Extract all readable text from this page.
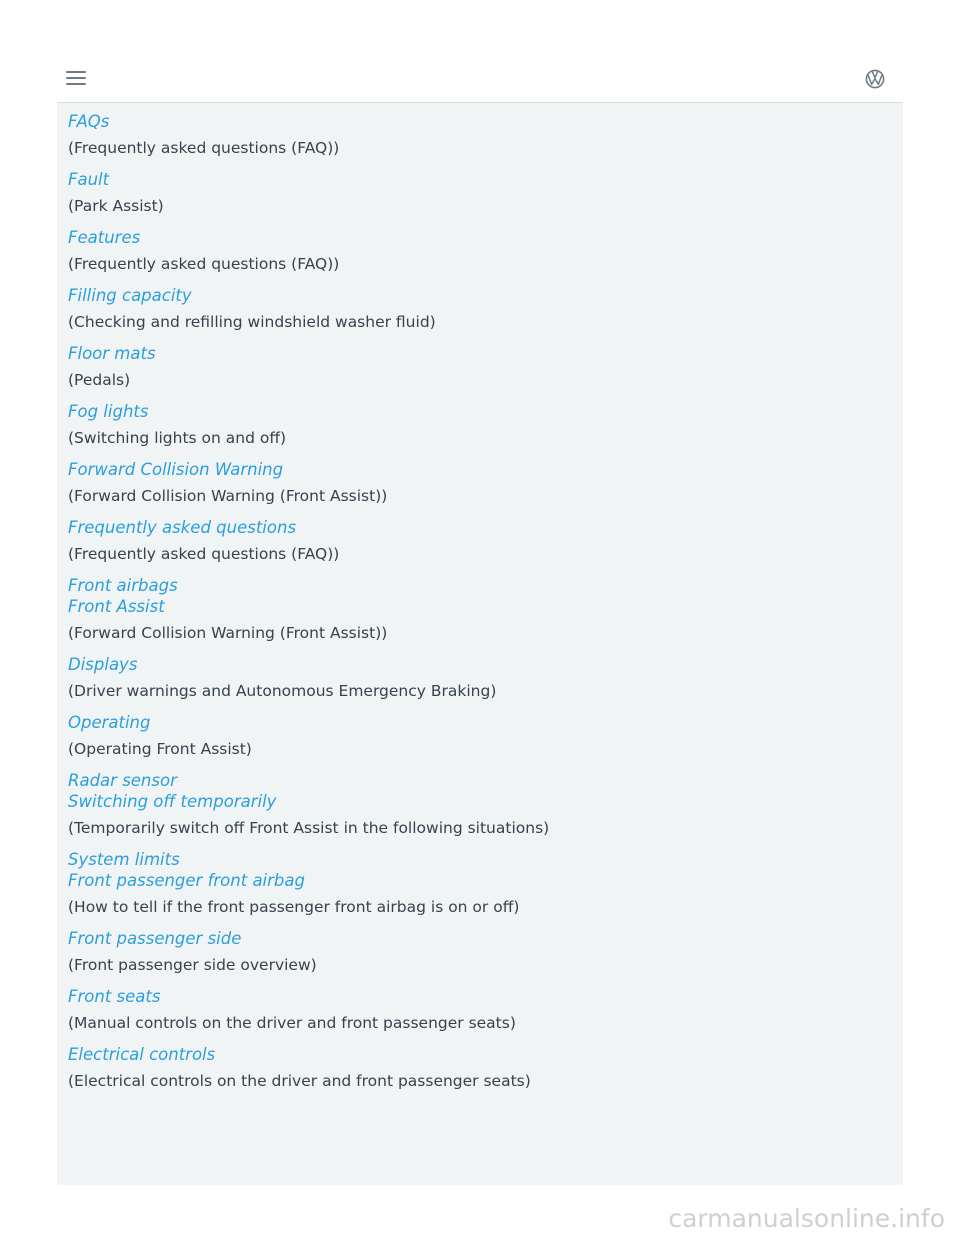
FAQs
(Frequently asked questions (FAQ))
Fault
(Park Assist)
Features
(Frequently asked questions (FAQ))
Filling capacity
(Checking and refilling windshield washer fluid)
Floor mats
(Pedals)
Fog lights
(Switching lights on and off)
Forward Collision Warning
(Forward Collision Warning (Front Assist))
Frequently asked questions
(Frequently asked questions (FAQ))
Front airbags
Front Assist
(Forward Collision Warning (Front Assist))
Displays
(Driver warnings and Autonomous Emergency Braking)
Operating
(Operating Front Assist)
Radar sensor
Switching off temporarily
(Temporarily switch off Front Assist in the following situations)
System limits
Front passenger front airbag
(How to tell if the front passenger front airbag is on or off)
Front passenger side
(Front passenger side overview)
Front seats
(Manual controls on the driver and front passenger seats)
Electrical controls
(Electrical controls on the driver and front passenger seats)
carmanualsonline.info
